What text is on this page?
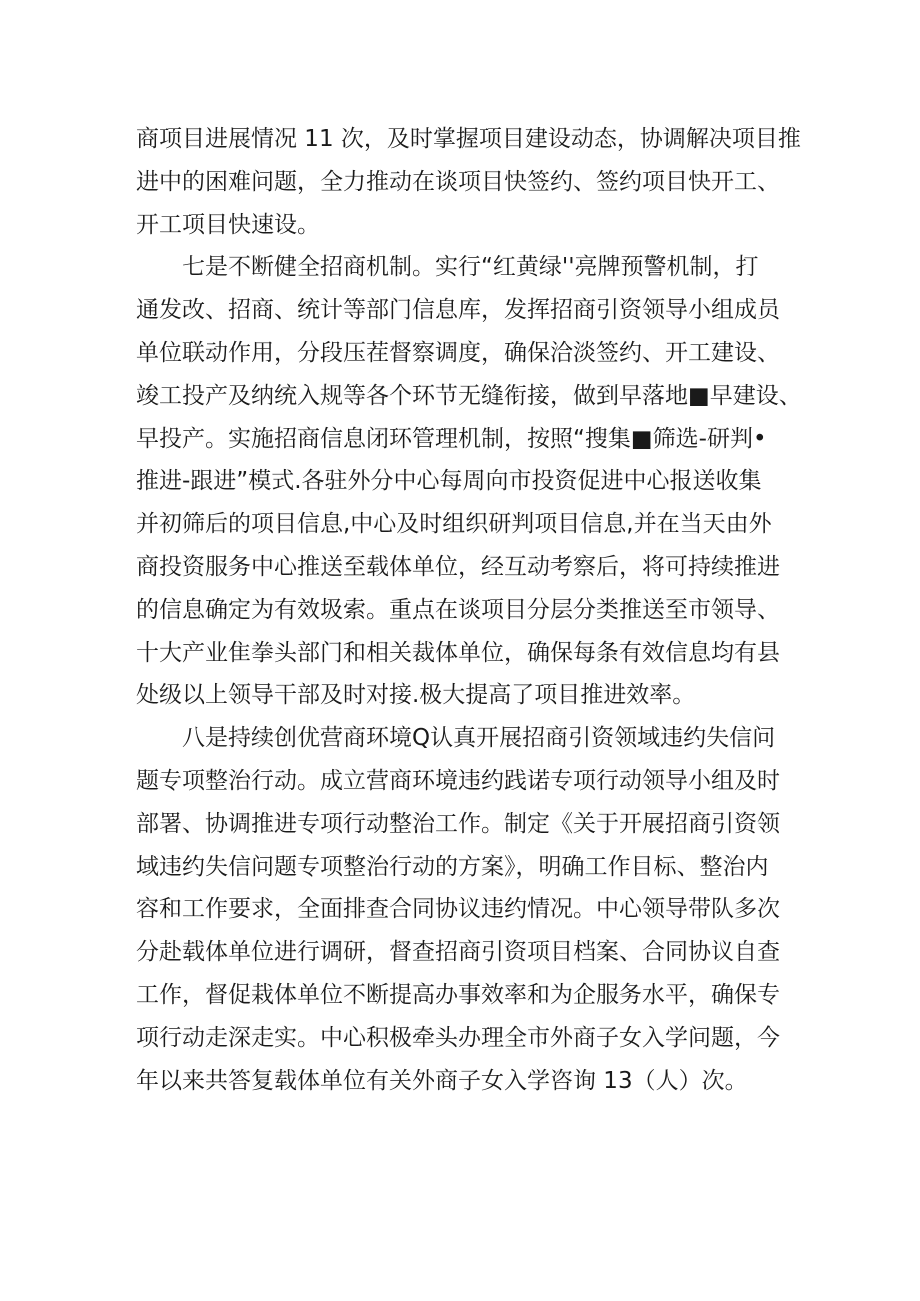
商项目进展情况 11 次，及时掌握项目建设动态，协调解决项目推
进中的困难问题，全力推动在谈项目快签约、签约项目快开工、
开工项目快速设。
七是不断健全招商机制。实行“红黄绿''亮牌预警机制，打
通发改、招商、统计等部门信息库，发挥招商引资领导小组成员
单位联动作用，分段压茬督察调度，确保洽淡签约、开工建设、
竣工投产及纳统入规等各个环节无缝衔接，做到早落地■早建设、
早投产。实施招商信息闭环管理机制，按照“搜集■筛选-研判•
推进-跟进”模式.各驻外分中心每周向市投资促进中心报送收集
并初筛后的项目信息,中心及时组织研判项目信息,并在当天由外
商投资服务中心推送至载体单位，经互动考察后，将可持续推进
的信息确定为有效圾索。重点在谈项目分层分类推送至市领导、
十大产业隹拳头部门和相关裁体单位，确保每条有效信息均有县
处级以上领导干部及时对接.极大提高了项目推进效率。
八是持续创优营商环境Q认真开展招商引资领域违约失信问
题专项整治行动。成立营商环境违约践诺专项行动领导小组及时
部署、协调推进专项行动整治工作。制定《关于开展招商引资领
域违约失信问题专项整治行动的方案》，明确工作目标、整治内
容和工作要求，全面排查合同协议违约情况。中心领导带队多次
分赴载体单位进行调研，督查招商引资项目档案、合同协议自查
工作，督促栽体单位不断提高办事效率和为企服务水平，确保专
项行动走深走实。中心积极牵头办理全市外商子女入学问题，今
年以来共答复载体单位有关外商子女入学咨询 13（人）次。
